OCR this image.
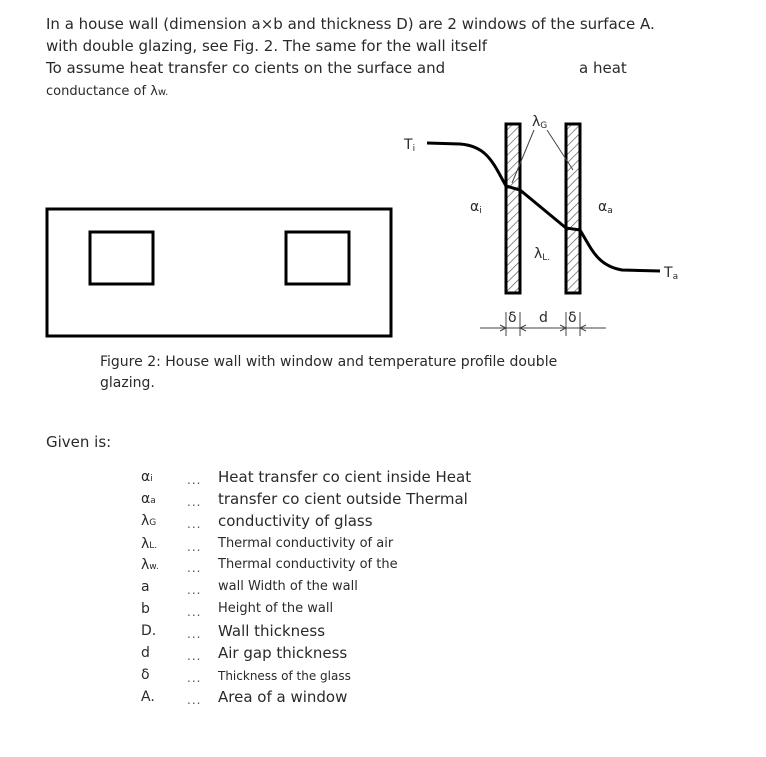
In a house wall (dimension a×b and thickness D) are 2 windows of the surface A.
with double glazing, see Fig. 2. The same for the wall itself
To assume heat transfer co cients on the surface and	a heat
conductance of λw.
Ti
αi	αa
λG
λL.
Ta
δ d δ
Figure 2: House wall with window and temperature profile double
glazing.
Given is:
αi	... Heat transfer co cient inside Heat
αa	... transfer co cient outside Thermal
λG	... conductivity of glass
λL. ... Thermal conductivity of air
λw. ... Thermal conductivity of the
a	... wall Width of the wall
b	... Height of the wall
D.	... Wall thickness
d	... Air gap thickness
δ	... Thickness of the glass
A.	... Area of a window
